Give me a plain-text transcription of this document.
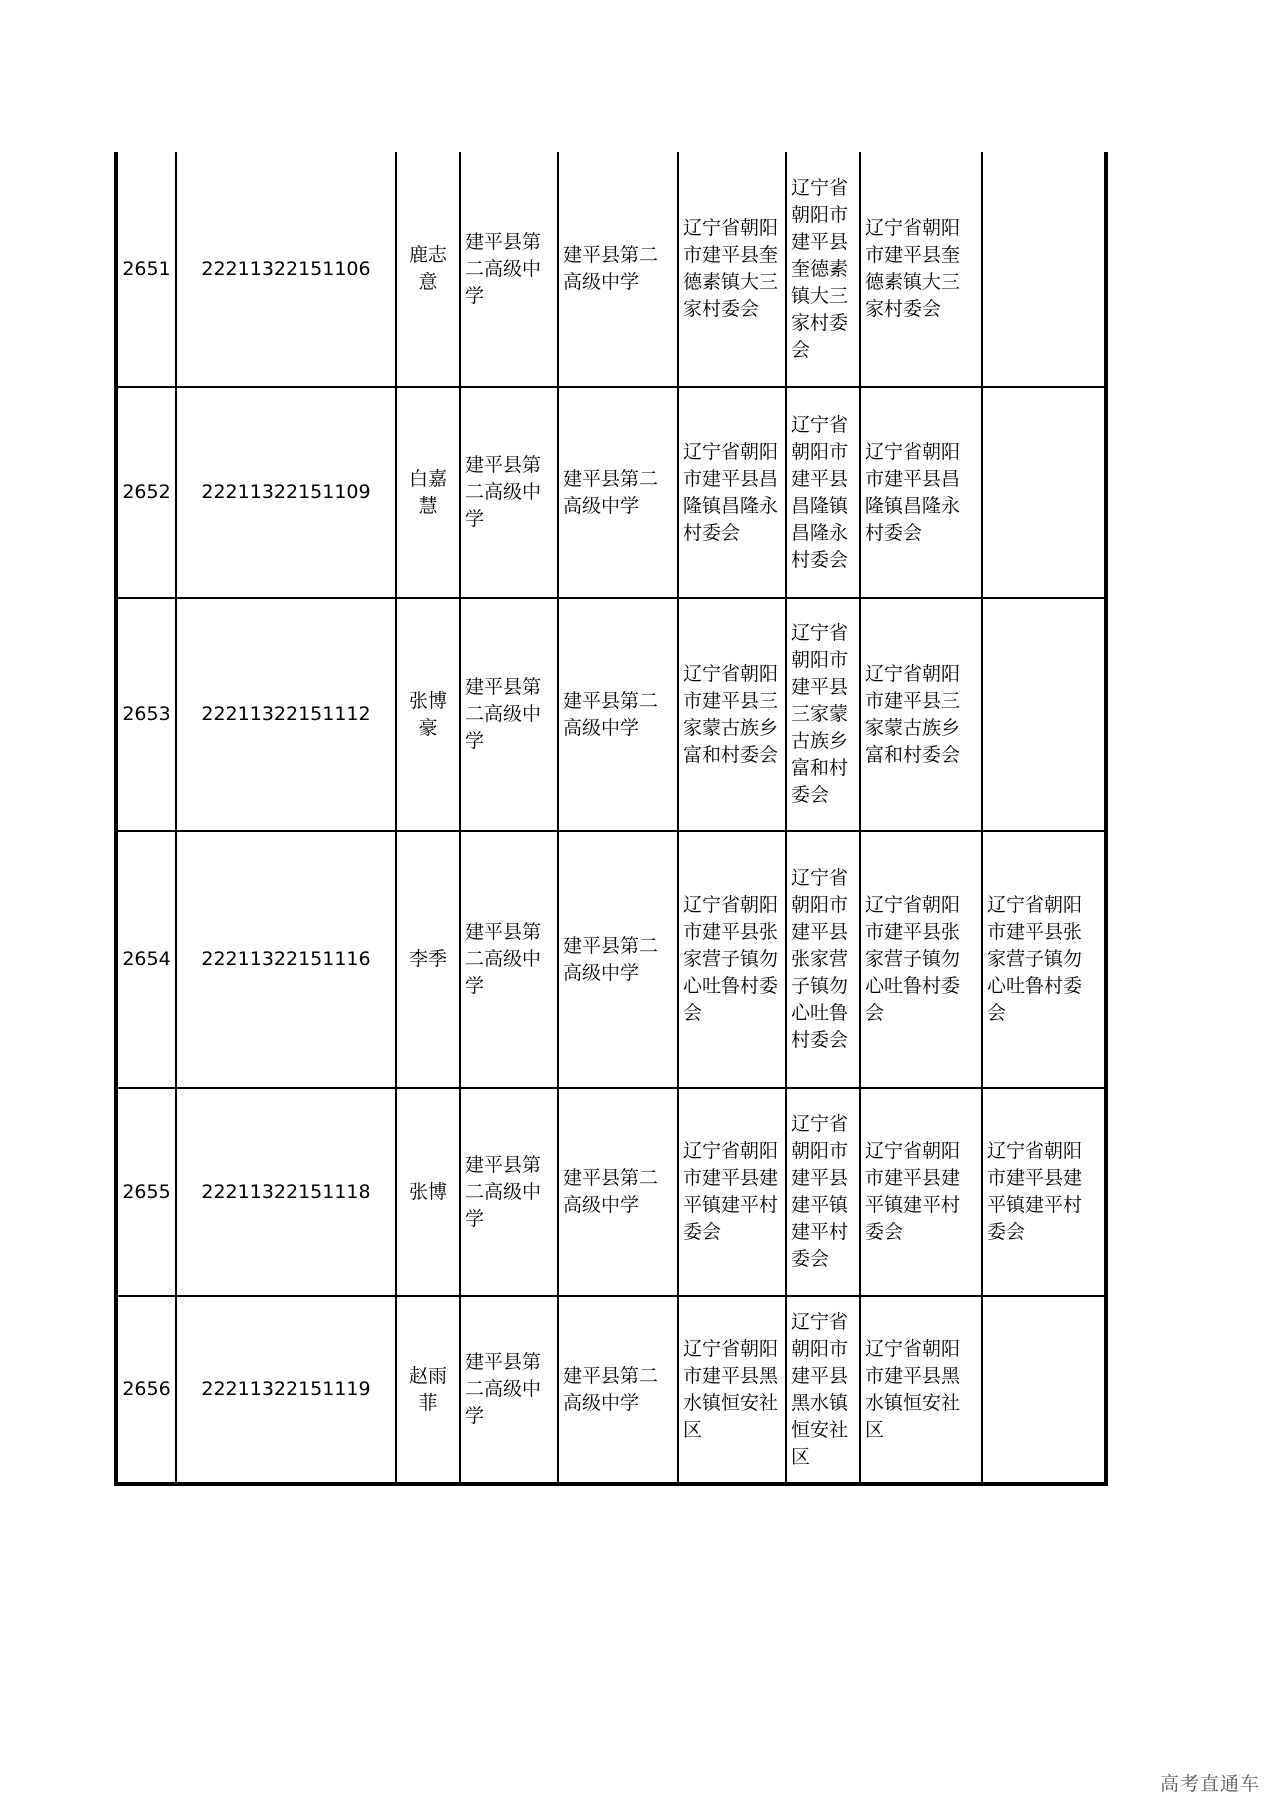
2651	22211322151106	鹿志意	建平县第二高级中学	建平县第二高级中学	辽宁省朝阳市建平县奎德素镇大三家村委会	辽宁省朝阳市建平县奎德素镇大三家村委会	辽宁省朝阳市建平县奎德素镇大三家村委会	
2652	22211322151109	白嘉慧	建平县第二高级中学	建平县第二高级中学	辽宁省朝阳市建平县昌隆镇昌隆永村委会	辽宁省朝阳市建平县昌隆镇昌隆永村委会	辽宁省朝阳市建平县昌隆镇昌隆永村委会	
2653	22211322151112	张博豪	建平县第二高级中学	建平县第二高级中学	辽宁省朝阳市建平县三家蒙古族乡富和村委会	辽宁省朝阳市建平县三家蒙古族乡富和村委会	辽宁省朝阳市建平县三家蒙古族乡富和村委会	
2654	22211322151116	李季	建平县第二高级中学	建平县第二高级中学	辽宁省朝阳市建平县张家营子镇勿心吐鲁村委会	辽宁省朝阳市建平县张家营子镇勿心吐鲁村委会	辽宁省朝阳市建平县张家营子镇勿心吐鲁村委会	辽宁省朝阳市建平县张家营子镇勿心吐鲁村委会
2655	22211322151118	张博	建平县第二高级中学	建平县第二高级中学	辽宁省朝阳市建平县建平镇建平村委会	辽宁省朝阳市建平县建平镇建平村委会	辽宁省朝阳市建平县建平镇建平村委会	辽宁省朝阳市建平县建平镇建平村委会
2656	22211322151119	赵雨菲	建平县第二高级中学	建平县第二高级中学	辽宁省朝阳市建平县黑水镇恒安社区	辽宁省朝阳市建平县黑水镇恒安社区	辽宁省朝阳市建平县黑水镇恒安社区	
高考直通车
